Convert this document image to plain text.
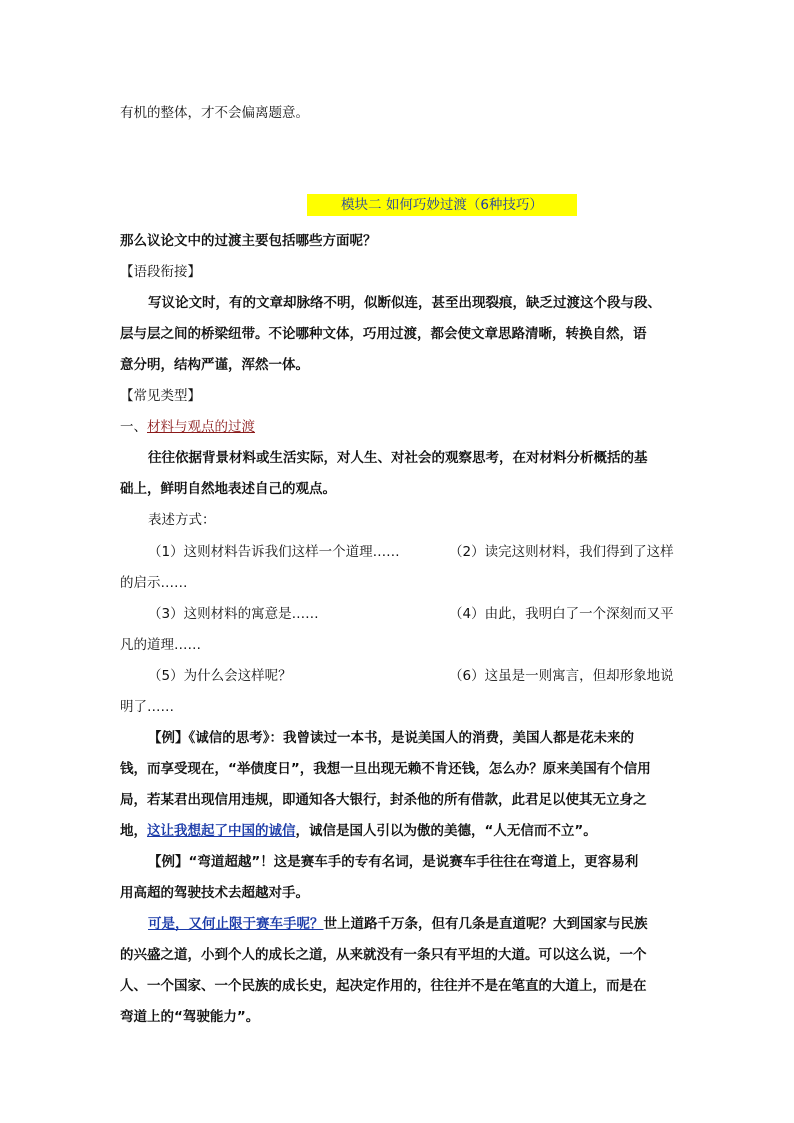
有机的整体，才不会偏离题意。
模块二 如何巧妙过渡（6种技巧）
那么议论文中的过渡主要包括哪些方面呢？
【语段衔接】
写议论文时，有的文章却脉络不明，似断似连，甚至出现裂痕，缺乏过渡这个段与段、
层与层之间的桥梁纽带。不论哪种文体，巧用过渡，都会使文章思路清晰，转换自然，语
意分明，结构严谨，浑然一体。
【常见类型】
一、材料与观点的过渡
往往依据背景材料或生活实际，对人生、对社会的观察思考，在对材料分析概括的基
础上，鲜明自然地表述自己的观点。
表述方式：
（1）这则材料告诉我们这样一个道理……	（2）读完这则材料，我们得到了这样
的启示……
（3）这则材料的寓意是……	（4）由此，我明白了一个深刻而又平
凡的道理……
（5）为什么会这样呢？	（6）这虽是一则寓言，但却形象地说
明了……
【例】《诚信的思考》：我曾读过一本书，是说美国人的消费，美国人都是花未来的
钱，而享受现在，“举债度日”，我想一旦出现无赖不肯还钱，怎么办？原来美国有个信用
局，若某君出现信用违规，即通知各大银行，封杀他的所有借款，此君足以使其无立身之
地，这让我想起了中国的诚信，诚信是国人引以为傲的美德，“人无信而不立”。
【例】“弯道超越”！这是赛车手的专有名词，是说赛车手往往在弯道上，更容易利
用高超的驾驶技术去超越对手。
可是，又何止限于赛车手呢？世上道路千万条，但有几条是直道呢？大到国家与民族
的兴盛之道，小到个人的成长之道，从来就没有一条只有平坦的大道。可以这么说，一个
人、一个国家、一个民族的成长史，起决定作用的，往往并不是在笔直的大道上，而是在
弯道上的“驾驶能力”。
